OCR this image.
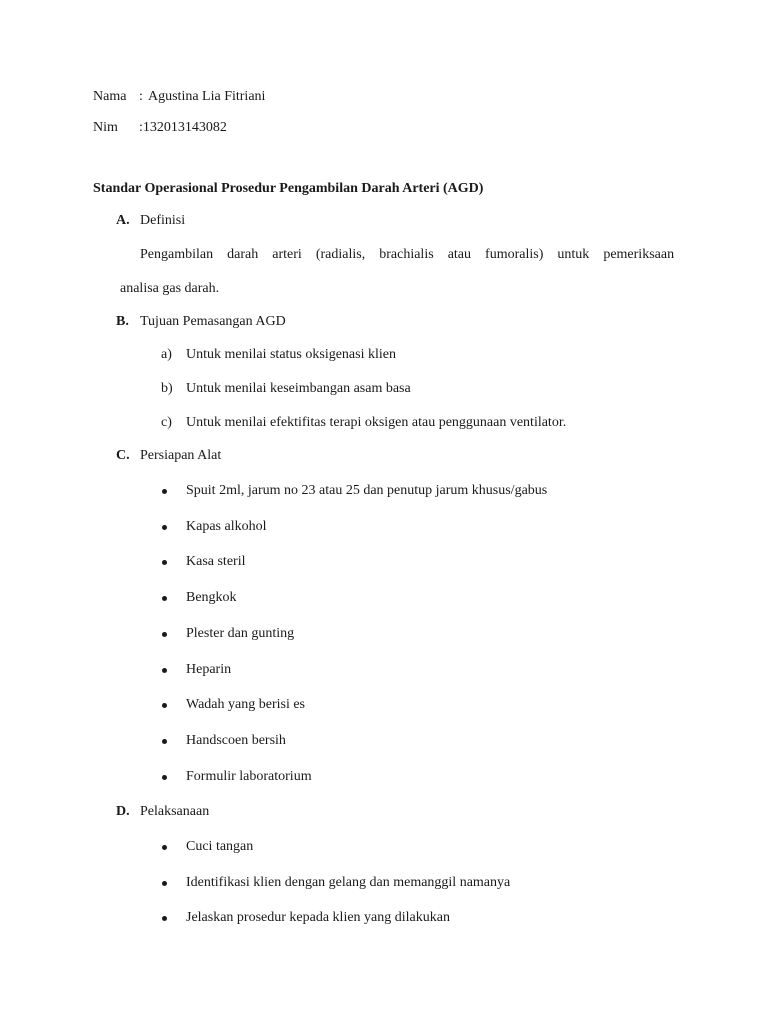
Nama : Agustina Lia Fitriani
Nim :132013143082
Standar Operasional Prosedur Pengambilan Darah Arteri (AGD)
A. Definisi
Pengambilan darah arteri (radialis, brachialis atau fumoralis) untuk pemeriksaan
analisa gas darah.
B. Tujuan Pemasangan AGD
a) Untuk menilai status oksigenasi klien
b) Untuk menilai keseimbangan asam basa
c) Untuk menilai efektifitas terapi oksigen atau penggunaan ventilator.
C. Persiapan Alat
Spuit 2ml, jarum no 23 atau 25 dan penutup jarum khusus/gabus
Kapas alkohol
Kasa steril
Bengkok
Plester dan gunting
Heparin
Wadah yang berisi es
Handscoen bersih
Formulir laboratorium
D. Pelaksanaan
Cuci tangan
Identifikasi klien dengan gelang dan memanggil namanya
Jelaskan prosedur kepada klien yang dilakukan
